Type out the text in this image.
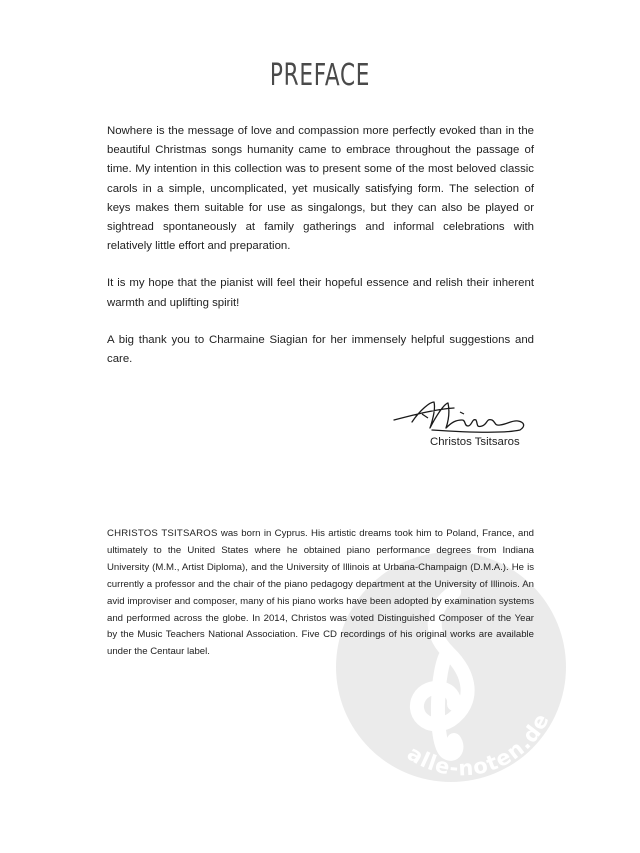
alle-noten.de
PREFACE

Nowhere is the message of love and compassion more perfectly evoked than in the beautiful Christmas songs humanity came to embrace throughout the passage of time. My intention in this collection was to present some of the most beloved classic carols in a simple, uncomplicated, yet musically satisfying form. The selection of keys makes them suitable for use as singalongs, but they can also be played or sightread spontaneously at family gatherings and informal celebrations with relatively little effort and preparation.

It is my hope that the pianist will feel their hopeful essence and relish their inherent warmth and uplifting spirit!

A big thank you to Charmaine Siagian for her immensely helpful suggestions and care.

Christos Tsitsaros

CHRISTOS TSITSAROS was born in Cyprus. His artistic dreams took him to Poland, France, and ultimately to the United States where he obtained piano performance degrees from Indiana University (M.M., Artist Diploma), and the University of Illinois at Urbana-Champaign (D.M.A.). He is currently a professor and the chair of the piano pedagogy department at the University of Illinois. An avid improviser and composer, many of his piano works have been adopted by examination systems and performed across the globe. In 2014, Christos was voted Distinguished Composer of the Year by the Music Teachers National Association. Five CD recordings of his original works are available under the Centaur label.
